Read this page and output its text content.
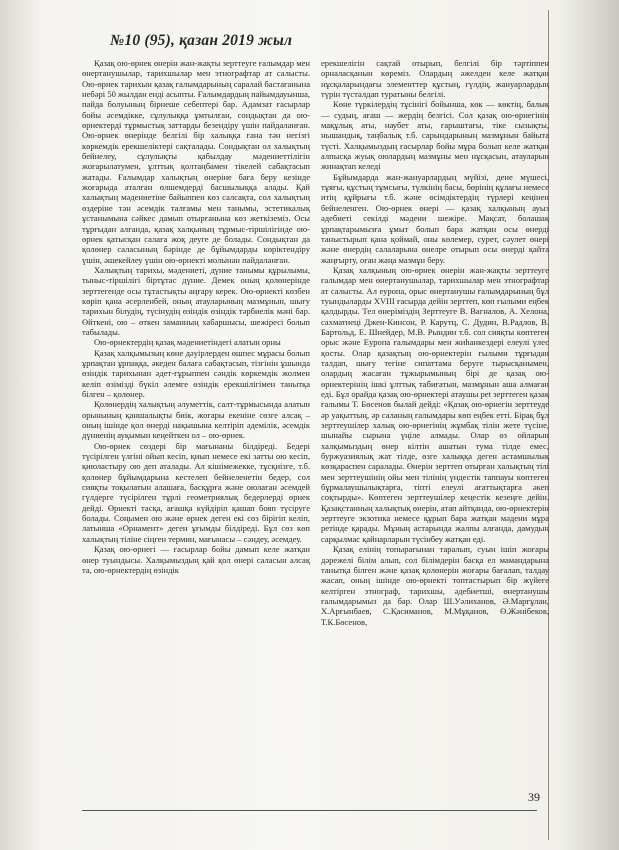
№10 (95), қазан 2019 жыл

Қазақ ою-өрнек өнерін жан-жақты зерттеуге ғалымдар мен өнертанушылар, тарихшылар мен этнографтар ат салысты. Ою-өрнек тарихын қазақ ғалымдарының саралай бастағанына небәрі 50 жылдан енді асыпты. Ғалымдардың пайымдауынша, пайда болуының бірнеше себептері бар. Адамзат ғасырлар бойы әсемдікке, сұлулыққа ұмтылған, сондықтан да ою-өрнектерді тұрмыстық заттарды безендіру үшін пайдаланған. Ою-өрнек өнерінде белгілі бір халыққа ғана тән негізгі көркемдік ерекшеліктері сақталады. Сондықтан ол халықтың бейнелеу, сұлулықты қабылдау мәдениеттілігін жоғарылатумен, ұлттық қолтаңбамен тікелей сабақтасып жатады. Ғалымдар халықтың өнеріне баға беру кезінде жоғарыда аталған өлшемдерді басшылыққа алады. Қай халықтың мәдениетіне байыппен көз салсақта, сол халықтың өздеріне тән әсемдік талғамы мен танымы, эстетикалық ұстанымына сәйкес дамып отырғанына көз жеткіземіз. Осы тұрғыдан алғанда, қазақ халқының тұрмыс-тіршілігінде ою-өрнек қатысқан салаға жоқ деуге де болады. Сондықтан да қолөнер саласының бәрінде де бұйымдарды көріктендіру үшін, әшекейлеу үшін ою-өрнекті молынан пайдаланған.

Халықтың тарихы, мәдениеті, дүние танымы құрылымы, тыныс-тіршілігі біртұтас дүние. Демек оның қолөнерінде зерттегенде осы тұтастықты аңғару керек. Ою-өрнекті көзбен көріп қана әсерленбей, оның атауларының мазмұнын, шығу тарихын білудің, түсінудің өзіндік өзіндік тәрбиелік мәні бар. Өйткені, ою – өткен заманның хабаршысы, шежіресі болып табылады.

Ою-өрнектердің қазақ мәдениетіндегі алатын орны

Қазақ халқымызың көне дәуірлерден өшпес мұрасы болып ұрпақтан ұрпаққа, әкеден балаға сабақтасып, тізгінін ұшында өзіндік тарихынан әдет-ғұрыппен сәндік көркемдік жолмен келіп өзімізді бүкіл әлемге өзіндік ерекшілігімен танытқа білген – қолөнер.

Қолөнердің халықтың әлуметтік, салт-тұрмысында алатын орынының қаншалықты биік, жоғары екеніне сөзге алсақ – оның ішінде қол өнерді нақышына келтіріп әдемілік, әсемдік дүниенің ауқымын кеңейткен ол – ою-өрнек.

Ою-өрнек сөздері бір мағынаны білдіреді. Бедері түсірілген үлгіні ойып кесіп, қиып немесе екі затты ою кесіп, қиюластыру ою деп аталады. Ал кішімежекке, тұсқиізге, т.б. қолөнер бұйымдарына кестелеп бейнеленетін бедер, сол сияқты тоқылатын алашаға, басқұрға және оюлаған әсемдей гүлдерге түсірілген тұрлі геометриялық бедерлерді өрнек дейді. Өрнекті тасқа, ағашқа күйдіріп қашап бояп түсіруге болады. Соңымен ою және өрнек деген екі сөз бірігіп келіп, латынша «Орнамент» деген ұғымды білдіреді. Бұл сөз көп халықтың тіліне сіңген термин, мағынасы – сәндеу, әсемдеу.

Қазақ ою-өрнегі — ғасырлар бойы дамып келе жатқан өнер туындысы. Халқымыздың қай қол өнері саласын алсақ та, ою-өрнектердің өзіндік

ерекшелігін сақтай отырып, белгілі бір тәртіппен орналасқанын көреміз. Олардың әжелден келе жатқан нұсқаларындағы элементтер құстың, гүлдің, жануарлардың түрін түсталдап туратыны белгілі.

Көне түркілердің тұсінігі бойынша, көк — көктің, балық — судың, ағаш — жердің белгісі. Сол қазақ ою-өрнегінің мақұлық аты, наубет аты, ғарыштағы, тіке сызықты, нышандық, таңбалық т.б. сарындарының мазмұнын байыта түсті. Халқымыздың ғасырлар бойы мұра болып келе жатқан алпысқа жуық оюлардың мазмұны мен нұсқасын, атауларын жинақтап келеді

Бұйымдарда жан-жануарлардың мүйізі, дене мүшесі, тұяғы, құстың тұмсығы, түлкінің басы, бөрінің құлағы немесе итің құйрығы т.б. және өсімдіктердің түрлері кеңінен бейнеленген. Ою-өрнек өнері — қазақ халқының ауыз әдебиеті секілді мәдени шежіре. Мақсат, болашақ ұрпақтарымызға ұмыт болып бара жатқан осы өнерді таныстырып қана қоймай, оны көлемер, сурет, сәулет өнері және өнердің салаларына өнелре отырып осы өнерді қайта жаңғырту, оған жаңа мазмұн беру.

Қазақ халқының ою-өрнек өнерін жан-жақты зерттеуге ғалымдар мен өнертанушылар, тарихшылар мен этнографтар ат салысты. Ал еуропа, орыс өнертанушы ғалымдарының бұл туындыларды XVIII ғасырда дейін зерттеп, көп ғылыми еңбек қалдырды. Тел өнеріміздің Зерттеуге В. Вагналов, А. Хелона, сахматиеці Джен-Кинсон, Р. Карутц, С. Дудин, В.Радлов, В. Бартольд, Е. Шнейдер, М.В. Рындин т.б. сол сияқты көптеген орыс және Еуропа ғалымдары мен жиһанкездері елеулі үлес қосты. Олар қазақтың ою-өрнектерін ғылыми тұрғыдан талдап, шығу тегіне сипаттама беруге тырысқанымен, олардың жасаған тұжырымының бірі де қазақ ою-өрнектерінің ішкі ұлттық табиғатын, мазмұнын аша алмаған еді. Бұл орайда қазақ ою-өрнектері атаушы реt зерттеген қазақ ғалымы Т. Бөсенов былай дейді: «Қазақ ою-өрнегін зерттеуде әр уақыттың, әр саланың ғалымдары көп еңбек етті. Бірақ бұл зерттеушілер халық ою-өрнегінің жұмбақ тілін жете түсіне, шынайы сырына үңіле алмады. Олар өз ойларын халқымыздың өнер кілтін ашатын тума тілде емес, буржуазиялық жат тілде, өзге халыққа деген астамшылық көзқараспен саралады. Өнерін зерттеп отырған халықтың тілі мен зерттеушінің ойы мен тілінің үндестік таппауы көптеген бұрмалаушылықтарға, тіпті елеулі ағаттықтарға әкеп соқтырды». Көптеген зерттеушілер кеңестік кезеңге дейін. Қазақстанның халықтық өнерін, атап айтқанда, ою-өрнектерін зерттеуге экзотика немесе құрып бара жатқан мәдени мұра ретінде қарады. Мұның астарында жалпы алғанда, дамудың сарқылмас қайнарларын түсінбеу жатқан еді.

Қазақ елінің топырағынан таралып, суын ішіп жоғары дәрежелі білім алып, сол білімдерін басқа ел мамандарына танытқа білген және қазақ қолөнерін жоғары бағалап, талдау жасап, оның ішінде ою-өрнекті топтастырып бір жүйеге келтірген этнограф, тарихшы, әдебиетші, өнертанушы ғалымдарымыз да бар. Олар Ш.Уәлиханов, Ә.Марғұлан, Х.Арғынбаев, С.Қасиманов, М.Мұқанов, Ө.Жәнібеков, Т.К.Бөсенов,

39
